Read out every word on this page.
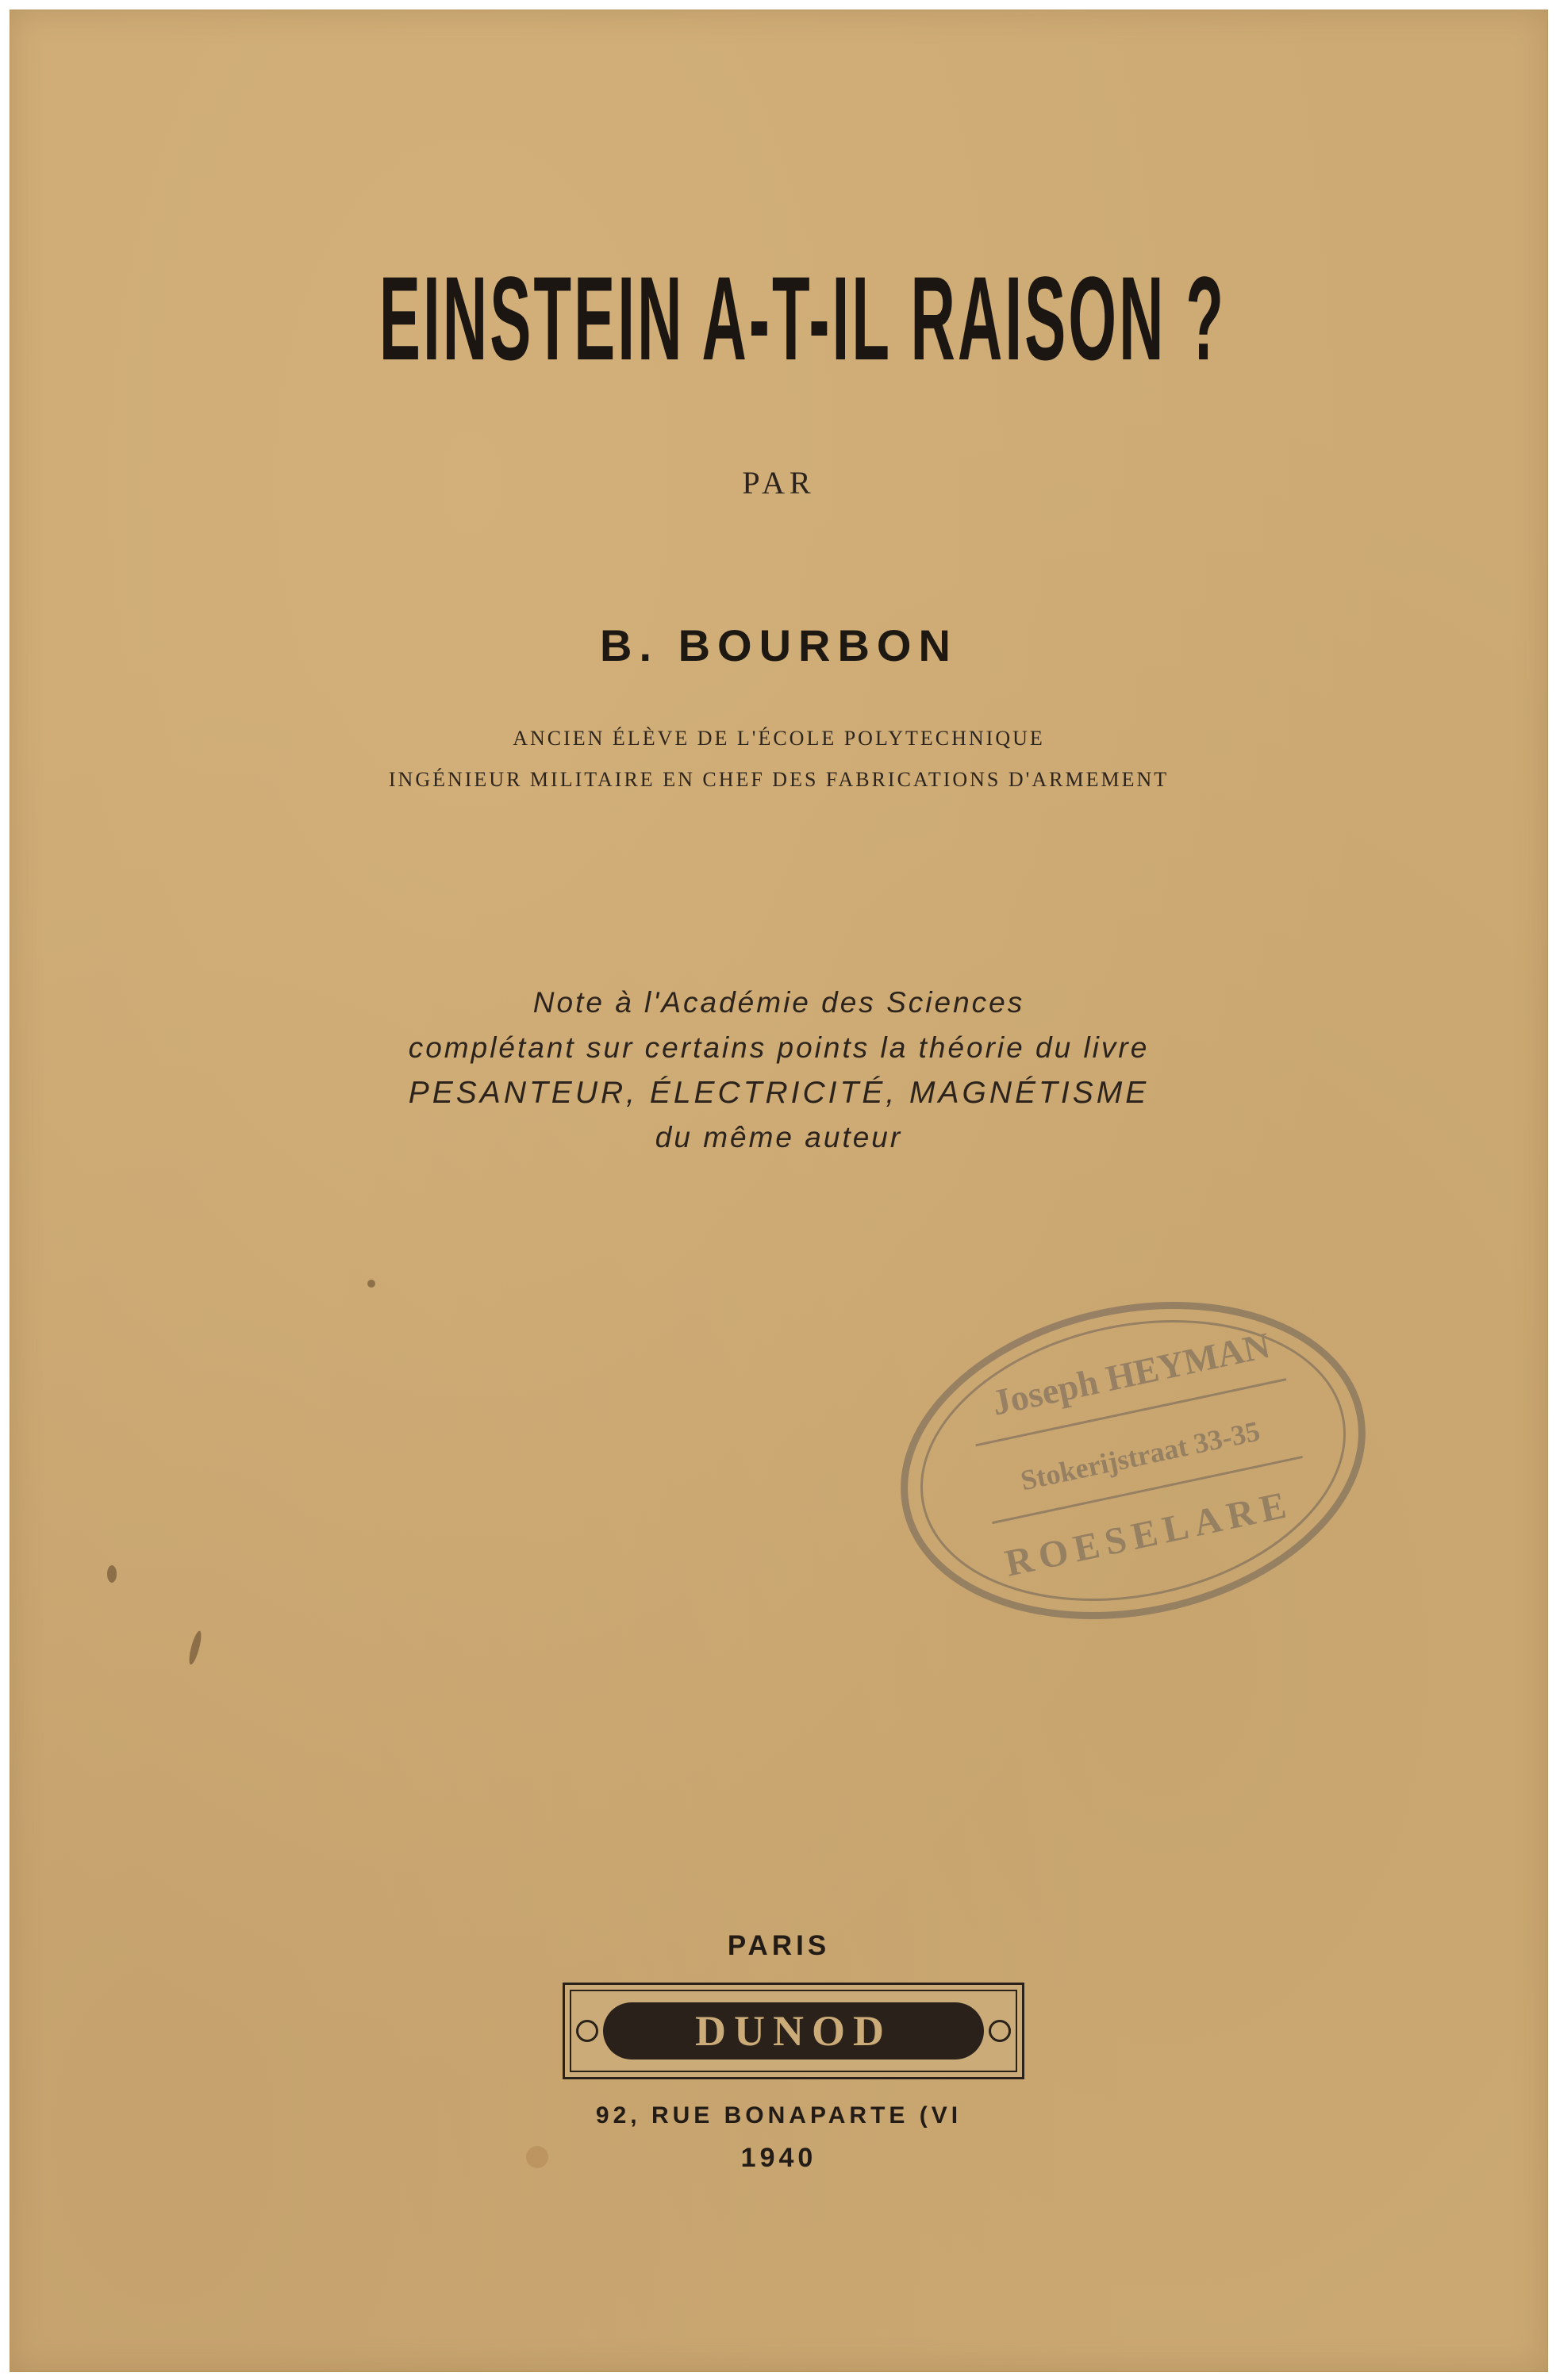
EINSTEIN A-T-IL RAISON ?
PAR
B. BOURBON
ANCIEN ÉLÈVE DE L'ÉCOLE POLYTECHNIQUE
INGÉNIEUR MILITAIRE EN CHEF DES FABRICATIONS D'ARMEMENT
Note à l'Académie des Sciences
complétant sur certains points la théorie du livre
PESANTEUR, ÉLECTRICITÉ, MAGNÉTISME
du même auteur
Joseph HEYMAN
Stokerijstraat 33-35
ROESELARE
PARIS
DUNOD
92, RUE BONAPARTE (VI
1940
